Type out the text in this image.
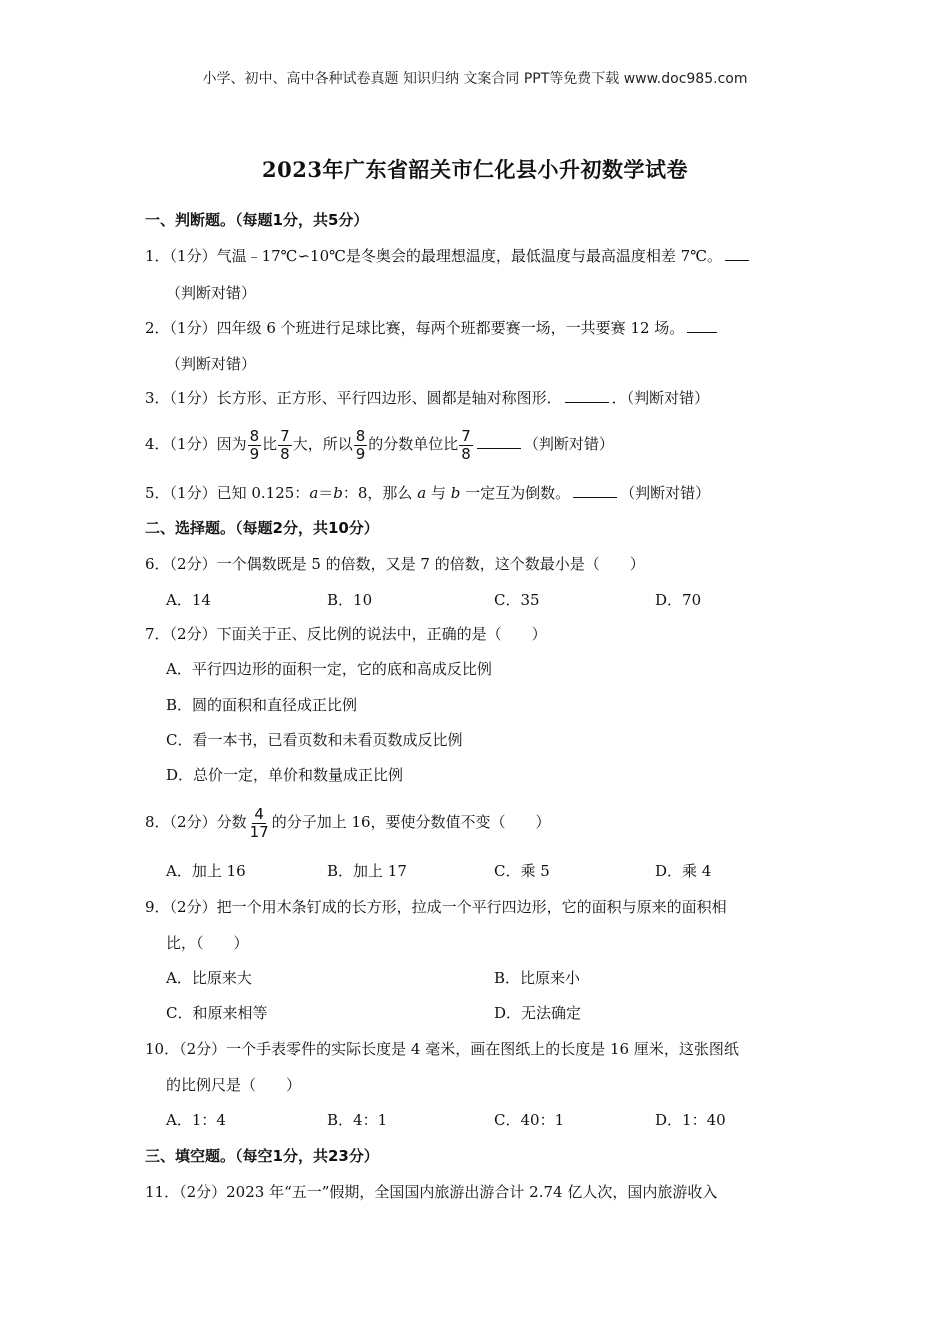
小学、初中、高中各种试卷真题 知识归纳 文案合同 PPT等免费下载 www.doc985.com
2023年广东省韶关市仁化县小升初数学试卷
一、判断题。（每题1分，共5分）
1．（1分）气温﹣17℃∽10℃是冬奥会的最理想温度，最低温度与最高温度相差 7℃。
（判断对错）
2．（1分）四年级 6 个班进行足球比赛，每两个班都要赛一场，一共要赛 12 场。
（判断对错）
3．（1分）长方形、正方形、平行四边形、圆都是轴对称图形．	．（判断对错）
4．（1分）因为 $\frac{8}{9}$ 比 $\frac{7}{8}$ 大，所以 $\frac{8}{9}$ 的分数单位比 $\frac{7}{8}$	（判断对错）
5．（1分）已知 0.125：a＝b：8，那么 a 与 b 一定互为倒数。	（判断对错）
二、选择题。（每题2分，共10分）
6．（2分）一个偶数既是 5 的倍数，又是 7 的倍数，这个数最小是（　　）
A．14	B．10	C．35	D．70
7．（2分）下面关于正、反比例的说法中，正确的是（　　）
A．平行四边形的面积一定，它的底和高成反比例
B．圆的面积和直径成正比例
C．看一本书，已看页数和未看页数成反比例
D．总价一定，单价和数量成正比例
8．（2分）分数 $\frac{4}{17}$ 的分子加上 16，要使分数值不变（　　）
A．加上 16	B．加上 17	C．乘 5	D．乘 4
9．（2分）把一个用木条钉成的长方形，拉成一个平行四边形，它的面积与原来的面积相
比，（　　）
A．比原来大	B．比原来小
C．和原来相等	D．无法确定
10．（2分）一个手表零件的实际长度是 4 毫米，画在图纸上的长度是 16 厘米，这张图纸
的比例尺是（　　）
A．1：4	B．4：1	C．40：1	D．1：40
三、填空题。（每空1分，共23分）
11．（2分）2023 年“五一”假期，全国国内旅游出游合计 2.74 亿人次，国内旅游收入
